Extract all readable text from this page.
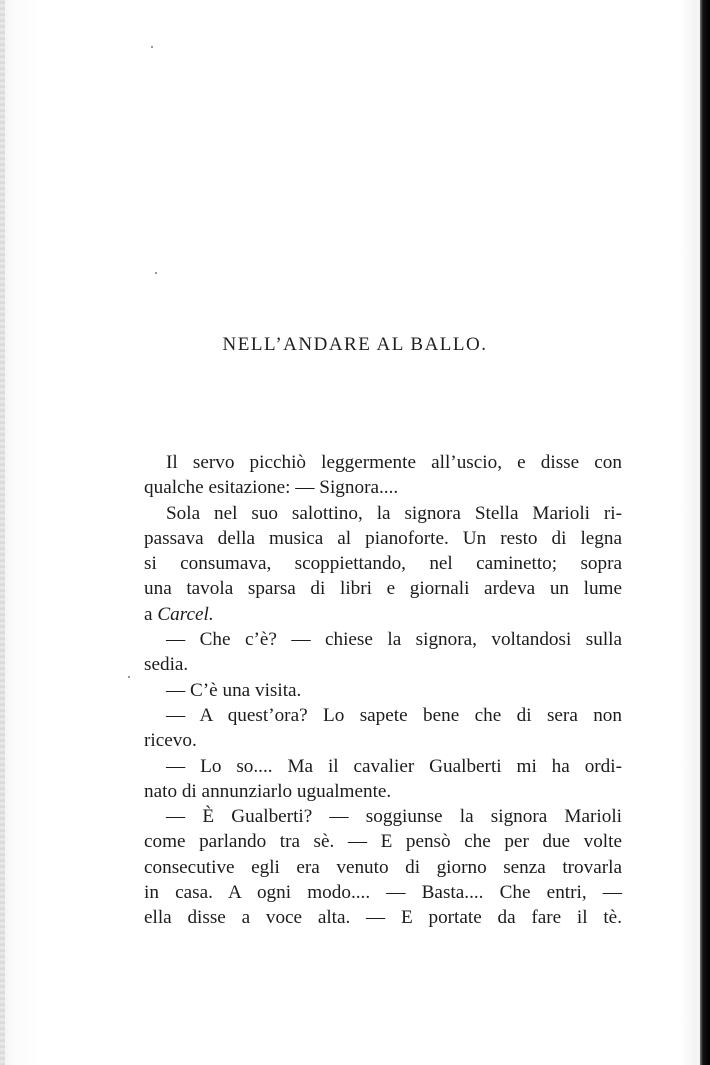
NELL’ANDARE AL BALLO.
Il servo picchiò leggermente all’uscio, e disse con
qualche esitazione: — Signora....
Sola nel suo salottino, la signora Stella Marioli ri-
passava della musica al pianoforte. Un resto di legna
si consumava, scoppiettando, nel caminetto; sopra
una tavola sparsa di libri e giornali ardeva un lume
a Carcel.
— Che c’è? — chiese la signora, voltandosi sulla
sedia.
— C’è una visita.
— A quest’ora? Lo sapete bene che di sera non
ricevo.
— Lo so.... Ma il cavalier Gualberti mi ha ordi-
nato di annunziarlo ugualmente.
— È Gualberti? — soggiunse la signora Marioli
come parlando tra sè. — E pensò che per due volte
consecutive egli era venuto di giorno senza trovarla
in casa. A ogni modo.... — Basta.... Che entri, —
ella disse a voce alta. — E portate da fare il tè.
